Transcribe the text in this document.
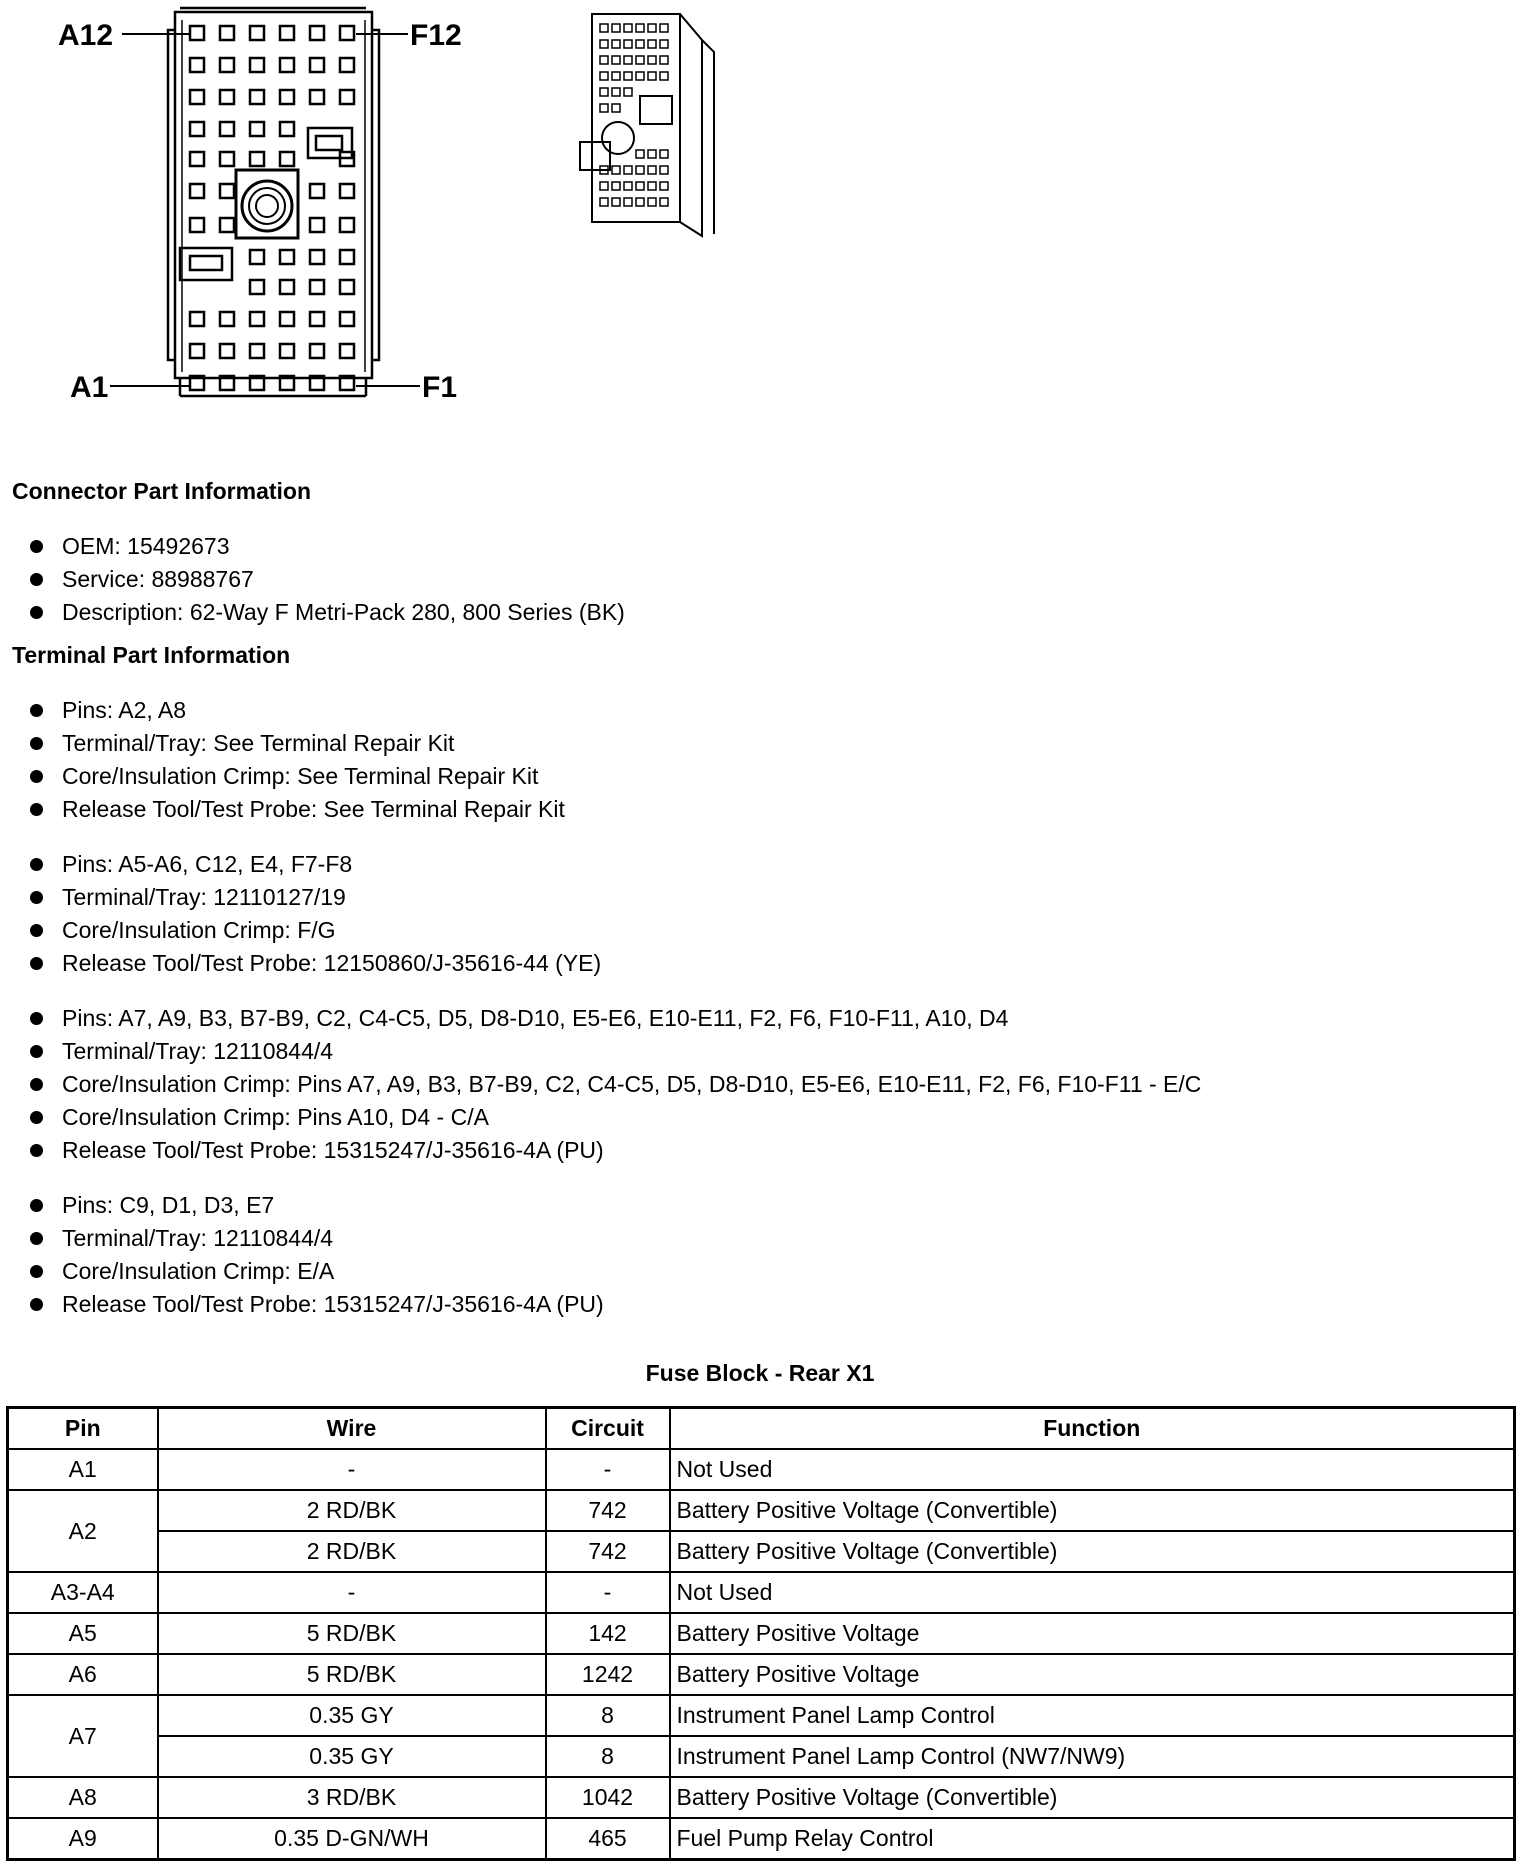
A12	F12
A1	F1
Connector Part Information
OEM: 15492673
Service: 88988767
Description: 62-Way F Metri-Pack 280, 800 Series (BK)
Terminal Part Information
Pins: A2, A8
Terminal/Tray: See Terminal Repair Kit
Core/Insulation Crimp: See Terminal Repair Kit
Release Tool/Test Probe: See Terminal Repair Kit
Pins: A5-A6, C12, E4, F7-F8
Terminal/Tray: 12110127/19
Core/Insulation Crimp: F/G
Release Tool/Test Probe: 12150860/J-35616-44 (YE)
Pins: A7, A9, B3, B7-B9, C2, C4-C5, D5, D8-D10, E5-E6, E10-E11, F2, F6, F10-F11, A10, D4
Terminal/Tray: 12110844/4
Core/Insulation Crimp: Pins A7, A9, B3, B7-B9, C2, C4-C5, D5, D8-D10, E5-E6, E10-E11, F2, F6, F10-F11 - E/C
Core/Insulation Crimp: Pins A10, D4 - C/A
Release Tool/Test Probe: 15315247/J-35616-4A (PU)
Pins: C9, D1, D3, E7
Terminal/Tray: 12110844/4
Core/Insulation Crimp: E/A
Release Tool/Test Probe: 15315247/J-35616-4A (PU)
Fuse Block - Rear X1
Pin	Wire	Circuit	Function
A1	-	-	Not Used
A2	2 RD/BK	742	Battery Positive Voltage (Convertible)
	2 RD/BK	742	Battery Positive Voltage (Convertible)
A3-A4	-	-	Not Used
A5	5 RD/BK	142	Battery Positive Voltage
A6	5 RD/BK	1242	Battery Positive Voltage
A7	0.35 GY	8	Instrument Panel Lamp Control
	0.35 GY	8	Instrument Panel Lamp Control (NW7/NW9)
A8	3 RD/BK	1042	Battery Positive Voltage (Convertible)
A9	0.35 D-GN/WH	465	Fuel Pump Relay Control
